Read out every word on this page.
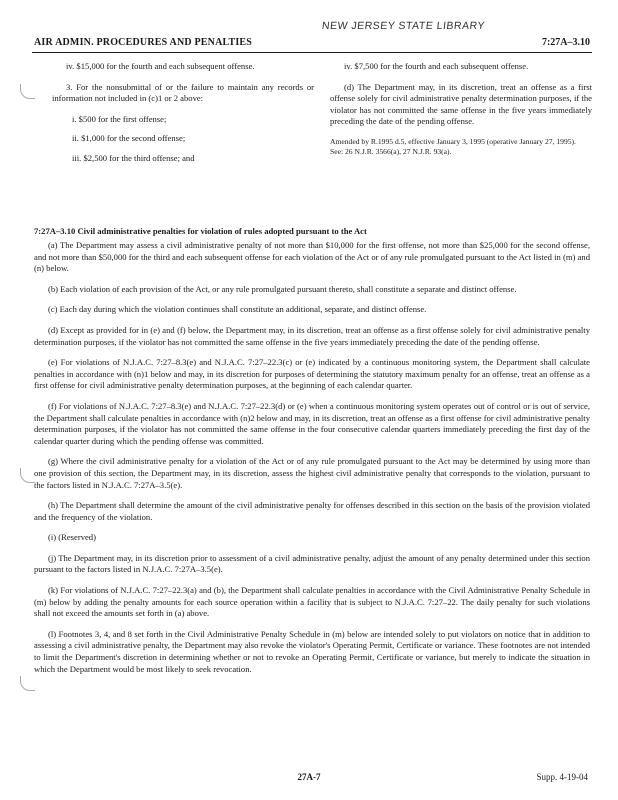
NEW JERSEY STATE LIBRARY
AIR ADMIN. PROCEDURES AND PENALTIES	7:27A–3.10

iv. $15,000 for the fourth and each subsequent offense.

3. For the nonsubmittal of or the failure to maintain any records or information not included in (c)1 or 2 above:

i. $500 for the first offense;

ii. $1,000 for the second offense;

iii. $2,500 for the third offense; and

iv. $7,500 for the fourth and each subsequent offense.

(d) The Department may, in its discretion, treat an offense as a first offense solely for civil administrative penalty determination purposes, if the violator has not committed the same offense in the five years immediately preceding the date of the pending offense.

Amended by R.1995 d.5, effective January 3, 1995 (operative January 27, 1995).

See: 26 N.J.R. 3566(a), 27 N.J.R. 93(a).

7:27A–3.10 Civil administrative penalties for violation of rules adopted pursuant to the Act

(a) The Department may assess a civil administrative penalty of not more than $10,000 for the first offense, not more than $25,000 for the second offense, and not more than $50,000 for the third and each subsequent offense for each violation of the Act or of any rule promulgated pursuant to the Act listed in (m) and (n) below.

(b) Each violation of each provision of the Act, or any rule promulgated pursuant thereto, shall constitute a separate and distinct offense.

(c) Each day during which the violation continues shall constitute an additional, separate, and distinct offense.

(d) Except as provided for in (e) and (f) below, the Department may, in its discretion, treat an offense as a first offense solely for civil administrative penalty determination purposes, if the violator has not committed the same offense in the five years immediately preceding the date of the pending offense.

(e) For violations of N.J.A.C. 7:27–8.3(e) and N.J.A.C. 7:27–22.3(c) or (e) indicated by a continuous monitoring system, the Department shall calculate penalties in accordance with (n)1 below and may, in its discretion for purposes of determining the statutory maximum penalty for an offense, treat an offense as a first offense for civil administrative penalty determination purposes, at the beginning of each calendar quarter.

(f) For violations of N.J.A.C. 7:27–8.3(e) and N.J.A.C. 7:27–22.3(d) or (e) when a continuous monitoring system operates out of control or is out of service, the Department shall calculate penalties in accordance with (n)2 below and may, in its discretion, treat an offense as a first offense for civil administrative penalty determination purposes, if the violator has not committed the same offense in the four consecutive calendar quarters immediately preceding the first day of the calendar quarter during which the pending offense was committed.

(g) Where the civil administrative penalty for a violation of the Act or of any rule promulgated pursuant to the Act may be determined by using more than one provision of this section, the Department may, in its discretion, assess the highest civil administrative penalty that corresponds to the violation, pursuant to the factors listed in N.J.A.C. 7:27A–3.5(e).

(h) The Department shall determine the amount of the civil administrative penalty for offenses described in this section on the basis of the provision violated and the frequency of the violation.

(i) (Reserved)

(j) The Department may, in its discretion prior to assessment of a civil administrative penalty, adjust the amount of any penalty determined under this section pursuant to the factors listed in N.J.A.C. 7:27A–3.5(e).

(k) For violations of N.J.A.C. 7:27–22.3(a) and (b), the Department shall calculate penalties in accordance with the Civil Administrative Penalty Schedule in (m) below by adding the penalty amounts for each source operation within a facility that is subject to N.J.A.C. 7:27–22. The daily penalty for such violations shall not exceed the amounts set forth in (a) above.

(l) Footnotes 3, 4, and 8 set forth in the Civil Administrative Penalty Schedule in (m) below are intended solely to put violators on notice that in addition to assessing a civil administrative penalty, the Department may also revoke the violator's Operating Permit, Certificate or variance. These footnotes are not intended to limit the Department's discretion in determining whether or not to revoke an Operating Permit, Certificate or variance, but merely to indicate the situation in which the Department would be most likely to seek revocation.

27A-7	Supp. 4-19-04
